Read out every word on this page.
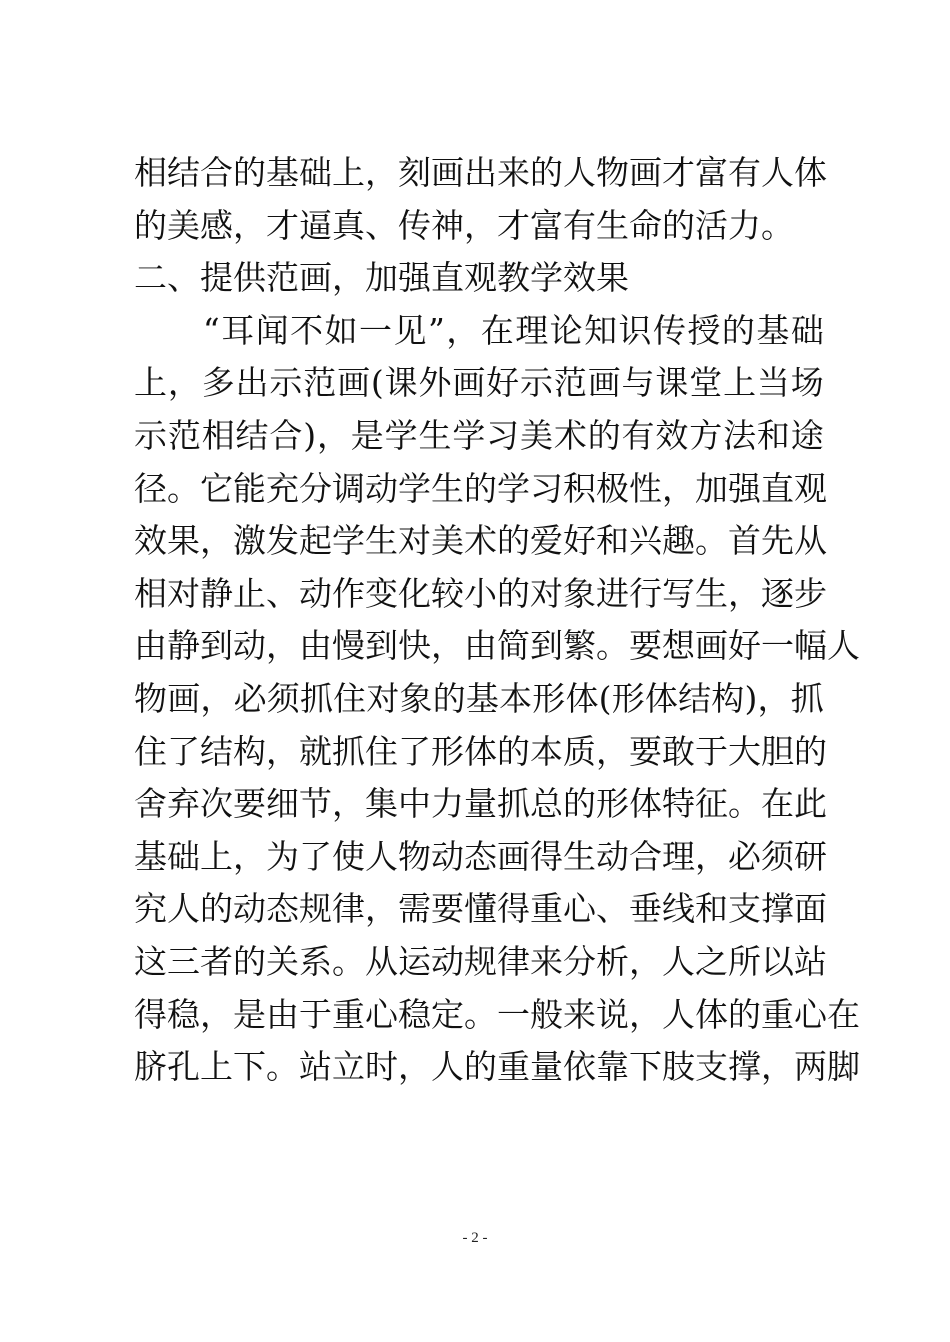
相 结 合 的 基 础 上 ， 刻 画 出 来 的 人 物 画 才 富 有 人 体
的 美 感 ， 才 逼 真 、 传 神 ， 才 富 有 生 命 的 活 力 。
二 、 提 供 范 画 ， 加 强 直 观 教 学 效 果

“ 耳 闻 不 如 一 见 ” ， 在 理 论 知 识 传 授 的 基 础
上 ， 多 出 示 范 画 ( 课 外 画 好 示 范 画 与 课 堂 上 当 场
示 范 相 结 合 ) ， 是 学 生 学 习 美 术 的 有 效 方 法 和 途
径 。 它 能 充 分 调 动 学 生 的 学 习 积 极 性 ， 加 强 直 观
效 果 ， 激 发 起 学 生 对 美 术 的 爱 好 和 兴 趣 。 首 先 从
相 对 静 止 、 动 作 变 化 较 小 的 对 象 进 行 写 生 ， 逐 步
由 静 到 动 ， 由 慢 到 快 ， 由 简 到 繁 。 要 想 画 好 一 幅 人
物 画 ， 必 须 抓 住 对 象 的 基 本 形 体 ( 形 体 结 构 ) ， 抓
住 了 结 构 ， 就 抓 住 了 形 体 的 本 质 ， 要 敢 于 大 胆 的
舍 弃 次 要 细 节 ， 集 中 力 量 抓 总 的 形 体 特 征 。 在 此
基 础 上 ， 为 了 使 人 物 动 态 画 得 生 动 合 理 ， 必 须 研
究 人 的 动 态 规 律 ， 需 要 懂 得 重 心 、 垂 线 和 支 撑 面
这 三 者 的 关 系 。 从 运 动 规 律 来 分 析 ， 人 之 所 以 站
得 稳 ， 是 由 于 重 心 稳 定 。 一 般 来 说 ， 人 体 的 重 心 在
脐 孔 上 下 。 站 立 时 ， 人 的 重 量 依 靠 下 肢 支 撑 ， 两 脚
- 2 -
